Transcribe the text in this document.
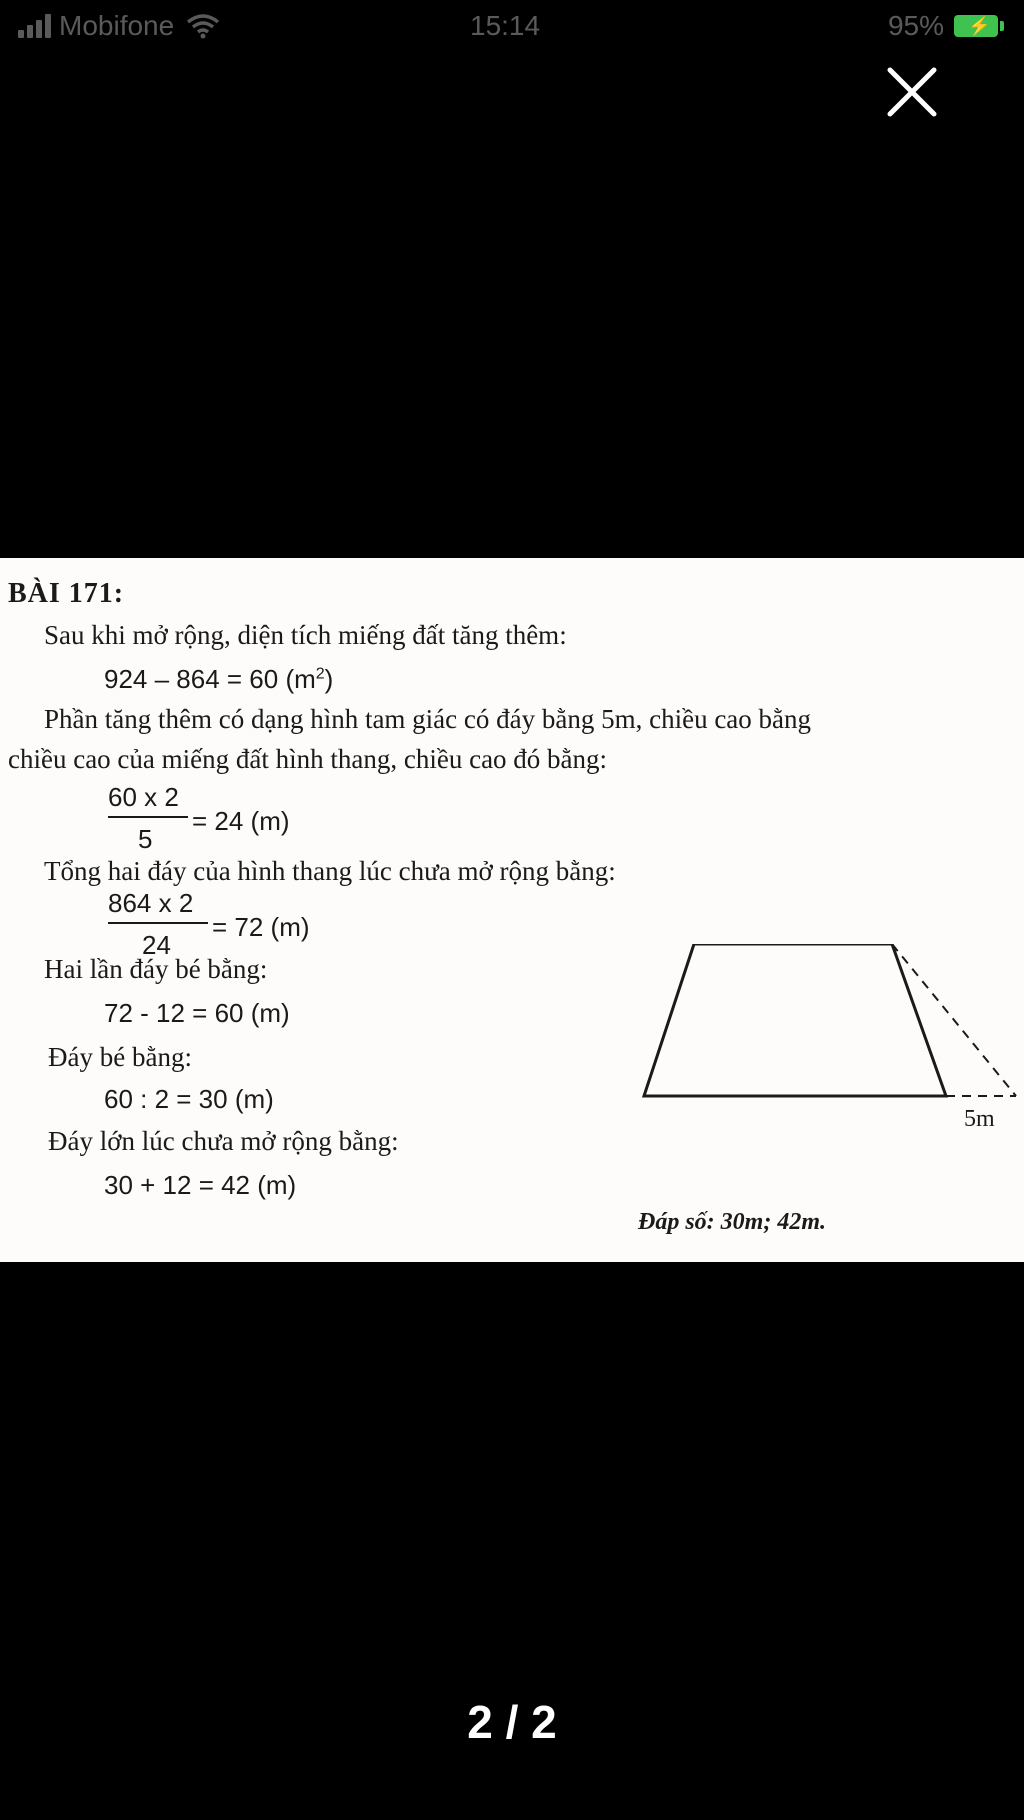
Mobifone	15:14	95% ⚡
BÀI 171:
Sau khi mở rộng, diện tích miếng đất tăng thêm:
924 – 864 = 60 $(m^2)$
Phần tăng thêm có dạng hình tam giác có đáy bằng 5m, chiều cao bằng
chiều cao của miếng đất hình thang, chiều cao đó bằng:
60 x 2
5
= 24 (m)
Tổng hai đáy của hình thang lúc chưa mở rộng bằng:
864 x 2
24
= 72 (m)
Hai lần đáy bé bằng:
72 - 12 = 60 (m)
Đáy bé bằng:
60 : 2 = 30 (m)
Đáy lớn lúc chưa mở rộng bằng:
30 + 12 = 42 (m)
Đáp số: 30m; 42m.
5m
2 / 2
